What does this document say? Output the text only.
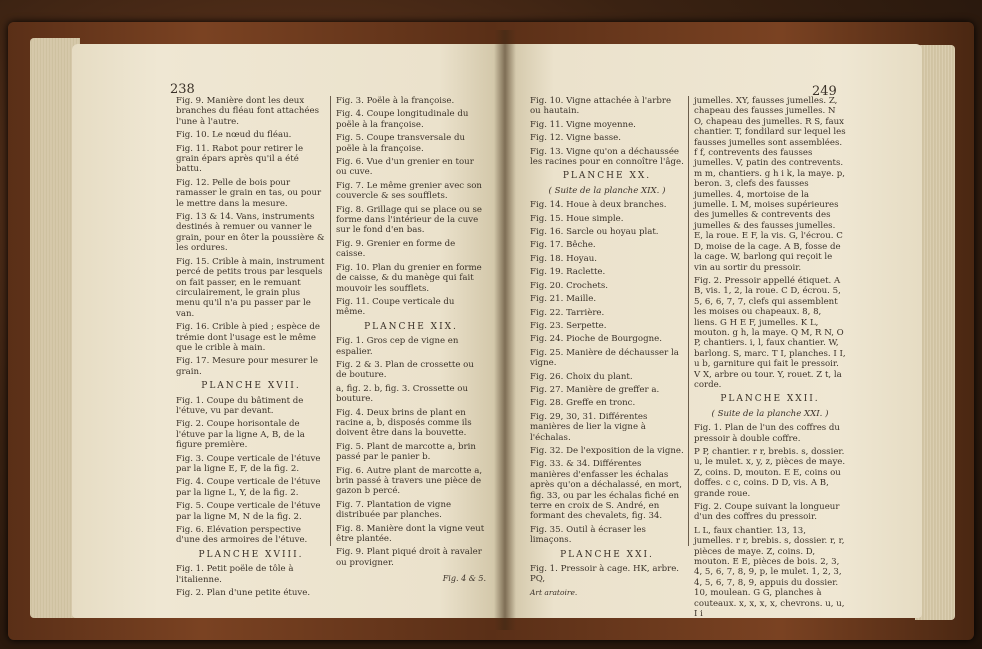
238
Fig. 9. Manière dont les deux branches du fléau font attachées l'une à l'autre.
Fig. 10. Le nœud du fléau.
Fig. 11. Rabot pour retirer le grain épars après qu'il a été battu.
Fig. 12. Pelle de bois pour ramasser le grain en tas, ou pour le mettre dans la mesure.
Fig. 13 & 14. Vans, instruments destinés à remuer ou vanner le grain, pour en ôter la poussière & les ordures.
Fig. 15. Crible à main, instrument percé de petits trous par lesquels on fait passer, en le remuant circulairement, le grain plus menu qu'il n'a pu passer par le van.
Fig. 16. Crible à pied ; espèce de trémie dont l'usage est le même que le crible à main.
Fig. 17. Mesure pour mesurer le grain.
PLANCHE XVII.
Fig. 1. Coupe du bâtiment de l'étuve, vu par devant.
Fig. 2. Coupe horisontale de l'étuve par la ligne A, B, de la figure première.
Fig. 3. Coupe verticale de l'étuve par la ligne E, F, de la fig. 2.
Fig. 4. Coupe verticale de l'étuve par la ligne L, Y, de la fig. 2.
Fig. 5. Coupe verticale de l'étuve par la ligne M, N de la fig. 2.
Fig. 6. Elévation perspective d'une des armoires de l'étuve.
PLANCHE XVIII.
Fig. 1. Petit poële de tôle à l'italienne.
Fig. 2. Plan d'une petite étuve.
Fig. 3. Poële à la françoise.
Fig. 4. Coupe longitudinale du poële à la françoise.
Fig. 5. Coupe transversale du poële à la françoise.
Fig. 6. Vue d'un grenier en tour ou cuve.
Fig. 7. Le même grenier avec son couvercle & ses soufflets.
Fig. 8. Grillage qui se place ou se forme dans l'intérieur de la cuve sur le fond d'en bas.
Fig. 9. Grenier en forme de caisse.
Fig. 10. Plan du grenier en forme de caisse, & du manège qui fait mouvoir les soufflets.
Fig. 11. Coupe verticale du même.
PLANCHE XIX.
Fig. 1. Gros cep de vigne en espalier.
Fig. 2 & 3. Plan de crossette ou de bouture.
a, fig. 2. b, fig. 3. Crossette ou bouture.
Fig. 4. Deux brins de plant en racine a, b, disposés comme ils doivent être dans la bouvette.
Fig. 5. Plant de marcotte a, brin passé par le panier b.
Fig. 6. Autre plant de marcotte a, brin passé à travers une pièce de gazon b percé.
Fig. 7. Plantation de vigne distribuée par planches.
Fig. 8. Manière dont la vigne veut être plantée.
Fig. 9. Plant piqué droit à ravaler ou provigner.
Fig. 4 & 5.
249
Fig. 10. Vigne attachée à l'arbre ou hautain.
Fig. 11. Vigne moyenne.
Fig. 12. Vigne basse.
Fig. 13. Vigne qu'on a déchaussée les racines pour en connoître l'âge.
PLANCHE XX.
( Suite de la planche XIX. )
Fig. 14. Houe à deux branches.
Fig. 15. Houe simple.
Fig. 16. Sarcle ou hoyau plat.
Fig. 17. Bêche.
Fig. 18. Hoyau.
Fig. 19. Raclette.
Fig. 20. Crochets.
Fig. 21. Maille.
Fig. 22. Tarrière.
Fig. 23. Serpette.
Fig. 24. Pioche de Bourgogne.
Fig. 25. Manière de déchausser la vigne.
Fig. 26. Choix du plant.
Fig. 27. Manière de greffer a.
Fig. 28. Greffe en tronc.
Fig. 29, 30, 31. Différentes manières de lier la vigne à l'échalas.
Fig. 32. De l'exposition de la vigne.
Fig. 33. & 34. Différentes manières d'enfasser les échalas après qu'on a déchalassé, en mort, fig. 33, ou par les échalas fiché en terre en croix de S. André, en formant des chevalets, fig. 34.
Fig. 35. Outil à écraser les limaçons.
PLANCHE XXI.
Fig. 1. Pressoir à cage. HK, arbre. PQ,
Art aratoire.
jumelles. XY, fausses jumelles. Z, chapeau des fausses jumelles. N O, chapeau des jumelles. R S, faux chantier. T, fondilard sur lequel les fausses jumelles sont assemblées. f f, contrevents des fausses jumelles. V, patin des contrevents. m m, chantiers. g h i k, la maye. p, beron. 3, clefs des fausses jumelles. 4, mortoise de la jumelle. L M, moises supérieures des jumelles & contrevents des jumelles & des fausses jumelles. E, la roue. E F, la vis. G, l'écrou. C D, moise de la cage. A B, fosse de la cage. W, barlong qui reçoit le vin au sortir du pressoir.
Fig. 2. Pressoir appellé étiquet. A B, vis. 1, 2, la roue. C D, écrou. 5, 5, 6, 6, 7, 7, clefs qui assemblent les moises ou chapeaux. 8, 8, liens. G H E F, jumelles. K L, mouton. g h, la maye. Q M, R N, O P, chantiers. i, l, faux chantier. W, barlong. S, marc. T I, planches. I I, u b, garniture qui fait le pressoir. V X, arbre ou tour. Y, rouet. Z t, la corde.
PLANCHE XXII.
( Suite de la planche XXI. )
Fig. 1. Plan de l'un des coffres du pressoir à double coffre.
P P, chantier. r r, brebis. s, dossier. u, le mulet. x, y, z, pièces de maye. Z, coins. D, mouton. E E, coins ou doffes. c c, coins. D D, vis. A B, grande roue.
Fig. 2. Coupe suivant la longueur d'un des coffres du pressoir.
L L, faux chantier. 13, 13, jumelles. r r, brebis. s, dossier. r, r, pièces de maye. Z, coins. D, mouton. E E, pièces de bois. 2, 3, 4, 5, 6, 7, 8, 9, p, le mulet. 1, 2, 3, 4, 5, 6, 7, 8, 9, appuis du dossier. 10, moulean. G G, planches à couteaux. x, x, x, x, chevrons. u, u, I i
